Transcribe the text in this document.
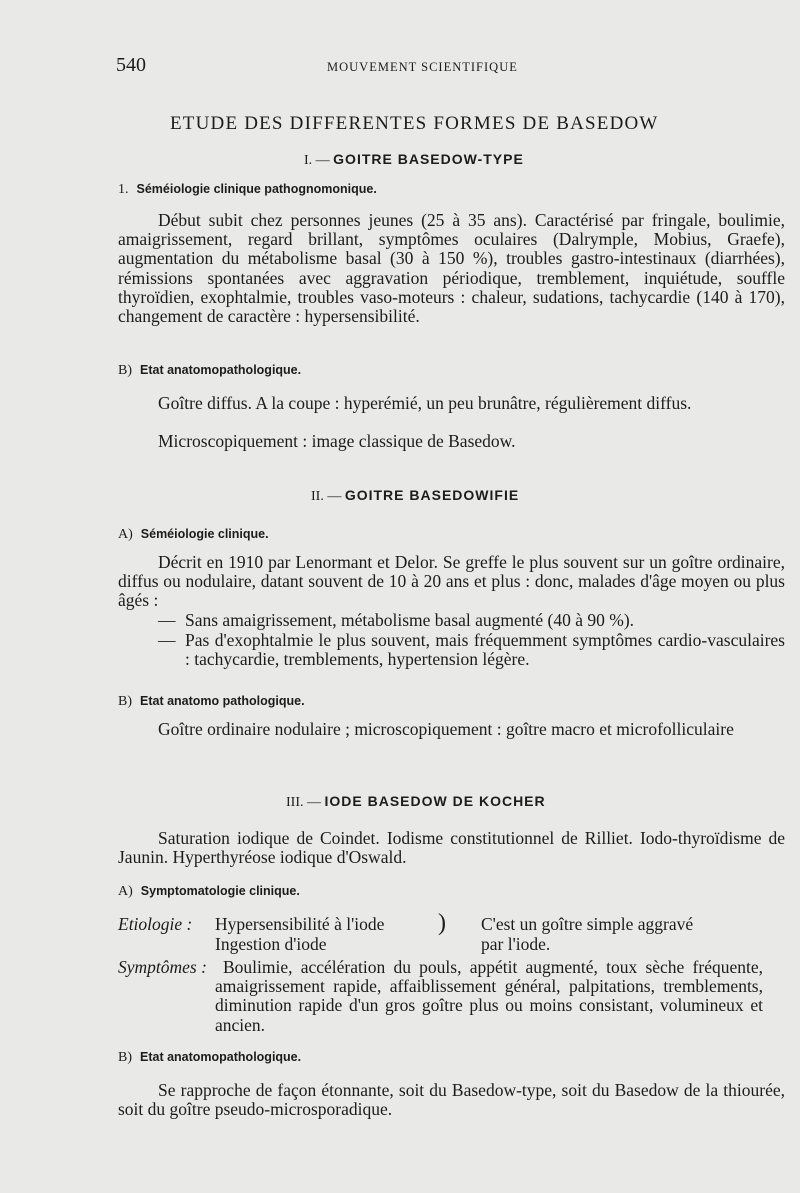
540	MOUVEMENT SCIENTIFIQUE
ETUDE DES DIFFERENTES FORMES DE BASEDOW
I. — GOITRE BASEDOW-TYPE
1. Séméiologie clinique pathognomonique.
Début subit chez personnes jeunes (25 à 35 ans). Caractérisé par fringale, boulimie, amaigrissement, regard brillant, symptômes oculaires (Dalrymple, Mobius, Graefe), augmentation du métabolisme basal (30 à 150 %), troubles gastro-intestinaux (diarrhées), rémissions spontanées avec aggravation périodique, tremblement, inquiétude, souffle thyroïdien, exophtalmie, troubles vaso-moteurs : chaleur, sudations, tachycardie (140 à 170), changement de caractère : hypersensibilité.
B) Etat anatomopathologique.
Goître diffus. A la coupe : hyperémié, un peu brunâtre, régulièrement diffus.
Microscopiquement : image classique de Basedow.
II. — GOITRE BASEDOWIFIE
A) Séméiologie clinique.
Décrit en 1910 par Lenormant et Delor. Se greffe le plus souvent sur un goître ordinaire, diffus ou nodulaire, datant souvent de 10 à 20 ans et plus : donc, malades d'âge moyen ou plus âgés :
— Sans amaigrissement, métabolisme basal augmenté (40 à 90 %).
— Pas d'exophtalmie le plus souvent, mais fréquemment symptômes cardio-vasculaires : tachycardie, tremblements, hypertension légère.
B) Etat anatomo pathologique.
Goître ordinaire nodulaire ; microscopiquement : goître macro et microfolliculaire
III. — IODE BASEDOW DE KOCHER
Saturation iodique de Coindet. Iodisme constitutionnel de Rilliet. Iodo-thyroïdisme de Jaunin. Hyperthyréose iodique d'Oswald.
A) Symptomatologie clinique.
Etiologie : Hypersensibilité à l'iode
Ingestion d'iode
) C'est un goître simple aggravé
par l'iode.
Symptômes : Boulimie, accélération du pouls, appétit augmenté, toux sèche fréquente, amaigrissement rapide, affaiblissement général, palpitations, tremblements, diminution rapide d'un gros goître plus ou moins consistant, volumineux et ancien.
B) Etat anatomopathologique.
Se rapproche de façon étonnante, soit du Basedow-type, soit du Basedow de la thiourée, soit du goître pseudo-microsporadique.
